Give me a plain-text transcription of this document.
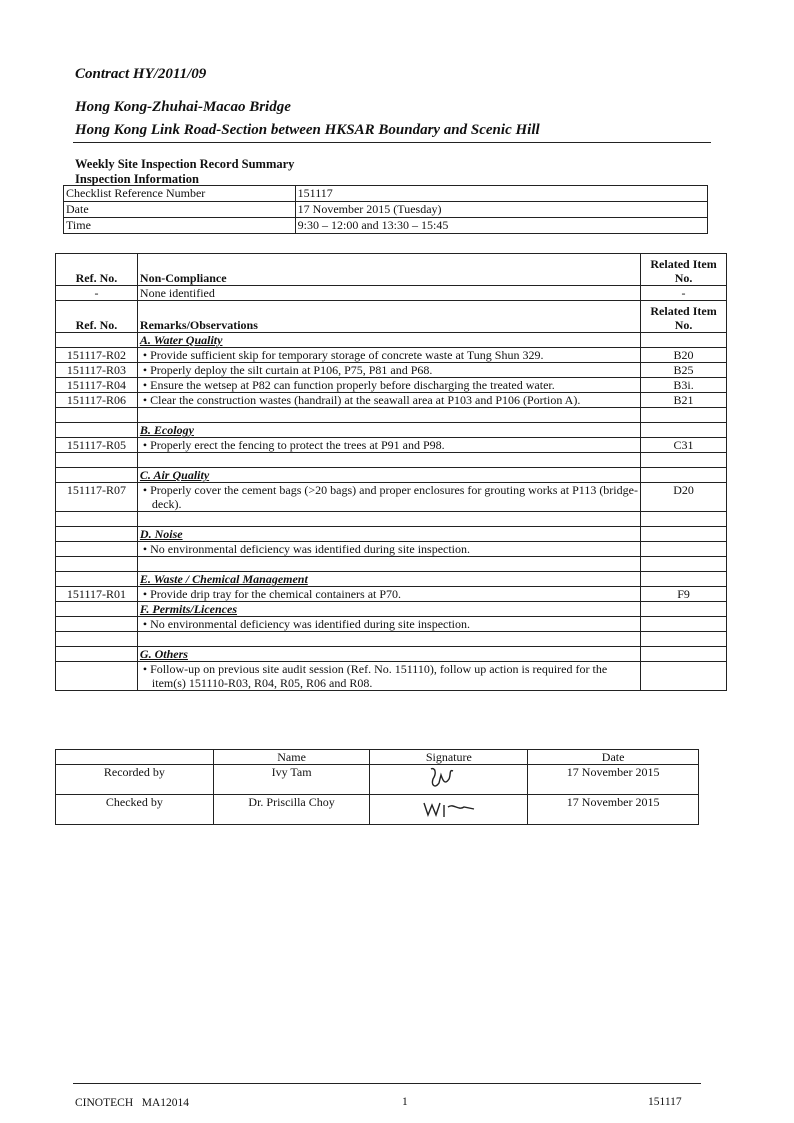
Contract HY/2011/09
Hong Kong-Zhuhai-Macao Bridge
Hong Kong Link Road-Section between HKSAR Boundary and Scenic Hill
Weekly Site Inspection Record Summary
Inspection Information
Checklist Reference Number	151117
Date	17 November 2015 (Tuesday)
Time	9:30 – 12:00 and 13:30 – 15:45
Ref. No.	Non-Compliance	Related Item No.
-	None identified	-
Ref. No.	Remarks/Observations	Related Item No.
	A. Water Quality	
151117-R02	• Provide sufficient skip for temporary storage of concrete waste at Tung Shun 329.	B20
151117-R03	• Properly deploy the silt curtain at P106, P75, P81 and P68.	B25
151117-R04	• Ensure the wetsep at P82 can function properly before discharging the treated water.	B3i.
151117-R06	• Clear the construction wastes (handrail) at the seawall area at P103 and P106 (Portion A).	B21

	B. Ecology	
151117-R05	• Properly erect the fencing to protect the trees at P91 and P98.	C31

	C. Air Quality	
151117-R07	• Properly cover the cement bags (>20 bags) and proper enclosures for grouting works at P113 (bridge-deck).	D20

	D. Noise	
	• No environmental deficiency was identified during site inspection.	

	E. Waste / Chemical Management	
151117-R01	• Provide drip tray for the chemical containers at P70.	F9
	F. Permits/Licences	
	• No environmental deficiency was identified during site inspection.	

	G. Others	
	• Follow-up on previous site audit session (Ref. No. 151110), follow up action is required for the item(s) 151110-R03, R04, R05, R06 and R08.	
	Name	Signature	Date
Recorded by	Ivy Tam		17 November 2015
Checked by	Dr. Priscilla Choy		17 November 2015
CINOTECH   MA12014	1	151117
